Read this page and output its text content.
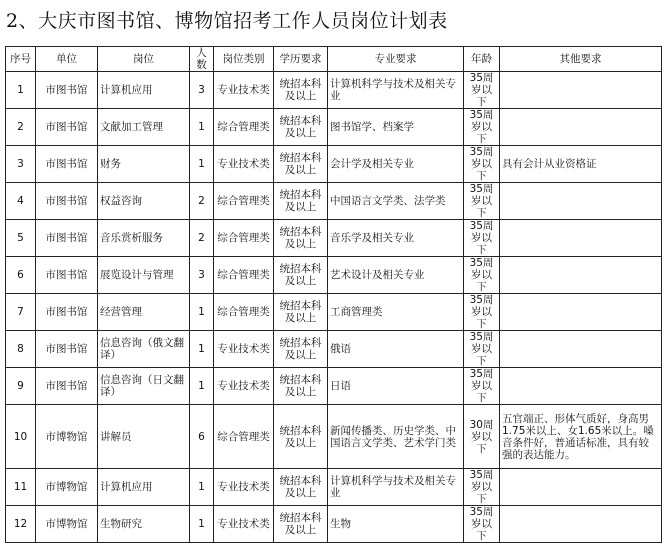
2、大庆市图书馆、博物馆招考工作人员岗位计划表
序号	单位	岗位	人数	岗位类别	学历要求	专业要求	年龄	其他要求
1	市图书馆	计算机应用	3	专业技术类	统招本科及以上	计算机科学与技术及相关专业	35周岁以下	
2	市图书馆	文献加工管理	1	综合管理类	统招本科及以上	图书馆学、档案学	35周岁以下	
3	市图书馆	财务	1	专业技术类	统招本科及以上	会计学及相关专业	35周岁以下	具有会计从业资格证
4	市图书馆	权益咨询	2	综合管理类	统招本科及以上	中国语言文学类、法学类	35周岁以下	
5	市图书馆	音乐赏析服务	2	综合管理类	统招本科及以上	音乐学及相关专业	35周岁以下	
6	市图书馆	展览设计与管理	3	综合管理类	统招本科及以上	艺术设计及相关专业	35周岁以下	
7	市图书馆	经营管理	1	综合管理类	统招本科及以上	工商管理类	35周岁以下	
8	市图书馆	信息咨询（俄文翻译）	1	专业技术类	统招本科及以上	俄语	35周岁以下	
9	市图书馆	信息咨询（日文翻译）	1	专业技术类	统招本科及以上	日语	35周岁以下	
10	市博物馆	讲解员	6	综合管理类	统招本科及以上	新闻传播类、历史学类、中国语言文学类、艺术学门类	30周岁以下	五官端正、形体气质好，身高男1.75米以上、女1.65米以上。嗓音条件好，普通话标准，具有较强的表达能力。
11	市博物馆	计算机应用	1	专业技术类	统招本科及以上	计算机科学与技术及相关专业	35周岁以下	
12	市博物馆	生物研究	1	专业技术类	统招本科及以上	生物	35周岁以下	
